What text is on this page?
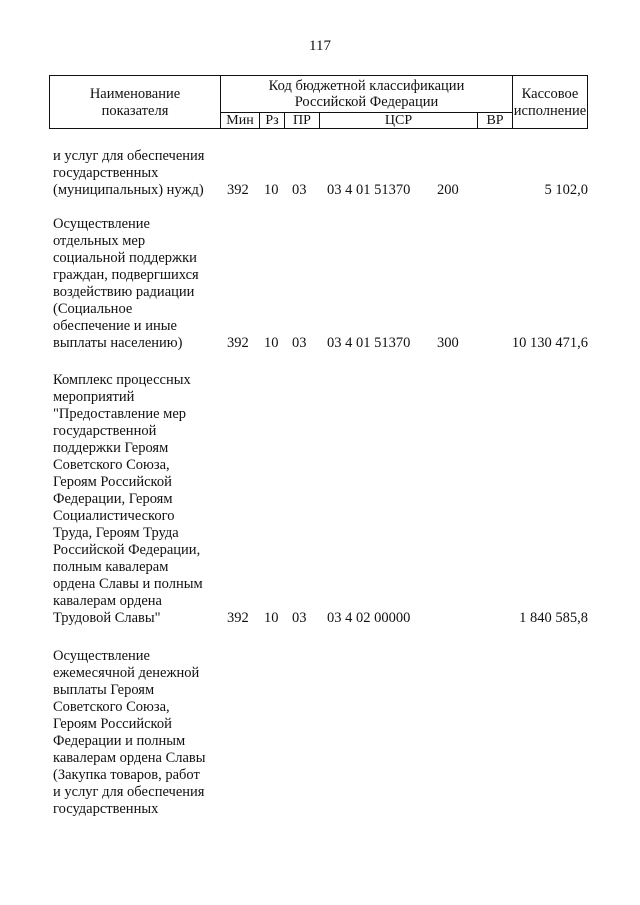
117
Наименование
показателя
Код бюджетной классификации
Российской Федерации
Мин Рз	ПР	ЦСР	ВР
Кассовое
исполнение
и услуг для обеспечения
государственных
(муниципальных) нужд)	392 10 03 03 4 01 51370 200	5 102,0
Осуществление
отдельных мер
социальной поддержки
граждан, подвергшихся
воздействию радиации
(Социальное
обеспечение и иные
выплаты населению)	392 10 03 03 4 01 51370 300	10 130 471,6
Комплекс процессных
мероприятий
"Предоставление мер
государственной
поддержки Героям
Советского Союза,
Героям Российской
Федерации, Героям
Социалистического
Труда, Героям Труда
Российской Федерации,
полным кавалерам
ордена Славы и полным
кавалерам ордена
Трудовой Славы"	392 10 03 03 4 02 00000	1 840 585,8
Осуществление
ежемесячной денежной
выплаты Героям
Советского Союза,
Героям Российской
Федерации и полным
кавалерам ордена Славы
(Закупка товаров, работ
и услуг для обеспечения
государственных
